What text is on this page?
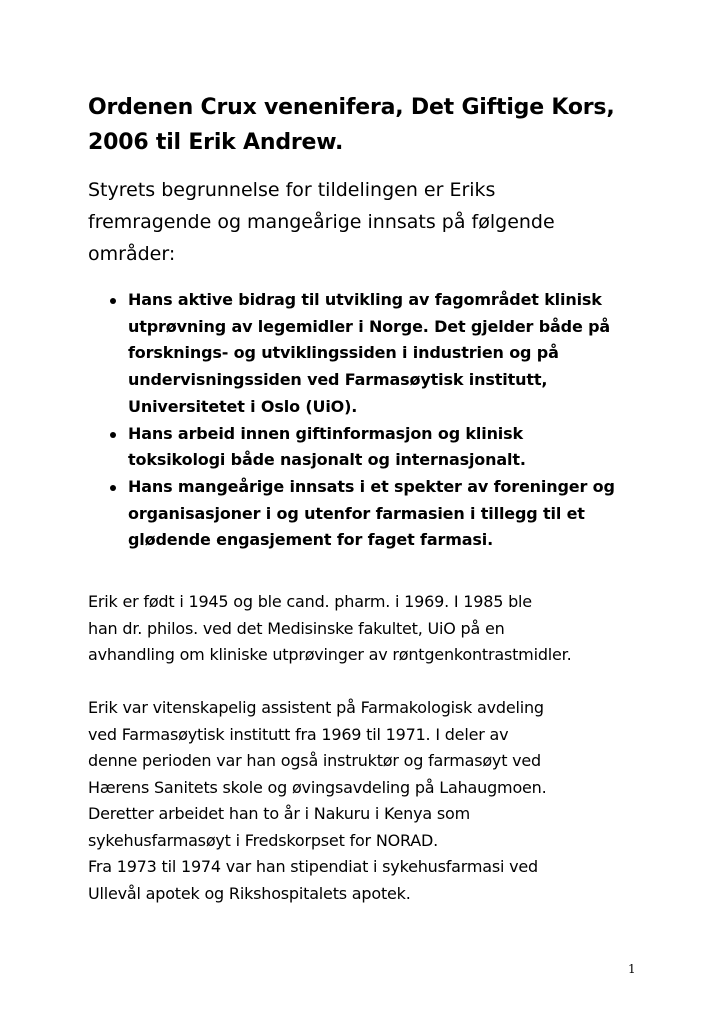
Ordenen Crux venenifera, Det Giftige Kors,
2006 til Erik Andrew.

Styrets begrunnelse for tildelingen er Eriks
fremragende og mangeårige innsats på følgende
områder:

Hans aktive bidrag til utvikling av fagområdet klinisk
utprøvning av legemidler i Norge. Det gjelder både på
forsknings- og utviklingssiden i industrien og på
undervisningssiden ved Farmasøytisk institutt,
Universitetet i Oslo (UiO).
Hans arbeid innen giftinformasjon og klinisk
toksikologi både nasjonalt og internasjonalt.
Hans mangeårige innsats i et spekter av foreninger og
organisasjoner i og utenfor farmasien i tillegg til et
glødende engasjement for faget farmasi.

Erik er født i 1945 og ble cand. pharm. i 1969. I 1985 ble
han dr. philos. ved det Medisinske fakultet, UiO på en
avhandling om kliniske utprøvinger av røntgenkontrastmidler.

Erik var vitenskapelig assistent på Farmakologisk avdeling
ved Farmasøytisk institutt fra 1969 til 1971. I deler av
denne perioden var han også instruktør og farmasøyt ved
Hærens Sanitets skole og øvingsavdeling på Lahaugmoen.
Deretter arbeidet han to år i Nakuru i Kenya som
sykehusfarmasøyt i Fredskorpset for NORAD.
Fra 1973 til 1974 var han stipendiat i sykehusfarmasi ved
Ullevål apotek og Rikshospitalets apotek.

1
